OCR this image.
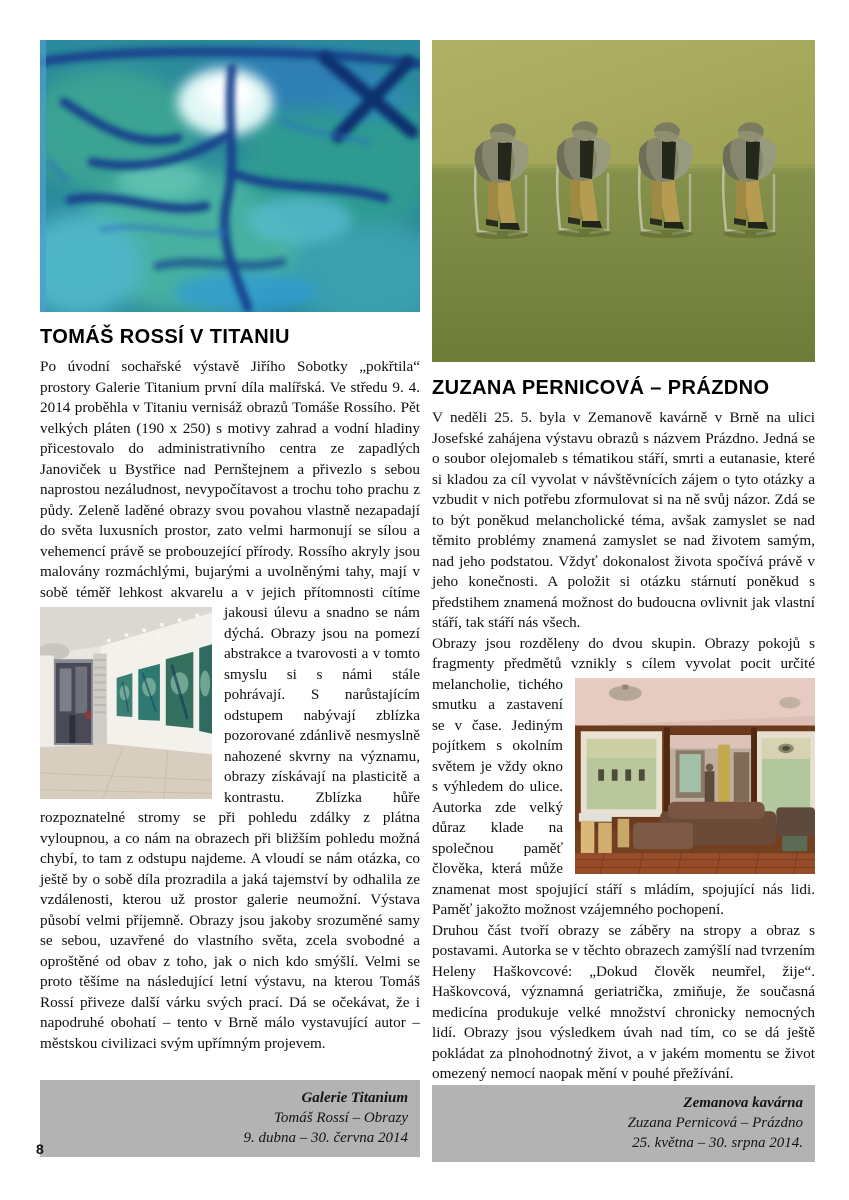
TOMÁŠ ROSSÍ V TITANIU
Po úvodní sochařské výstavě Jiřího Sobotky „pokřtila“ prostory Galerie Titanium první díla malířská. Ve středu 9. 4. 2014 proběhla v Titaniu vernisáž obrazů Tomáše Rossího. Pět velkých pláten (190 x 250) s motivy zahrad a vodní hladiny přicestovalo do administrativního centra ze zapadlých Janoviček u Bystřice nad Pernštejnem a přivezlo s sebou naprostou nezáludnost, nevypočítavost a trochu toho prachu z půdy. Zeleně laděné obrazy svou povahou vlastně nezapadají do světa luxusních prostor, zato velmi harmonují se sílou a vehemencí právě se probouzející přírody. Rossího akryly jsou malovány rozmáchlými, bujarými a uvolněnými tahy, mají v sobě téměř lehkost akvarelu a v jejich přítomnosti cítíme jakousi úlevu a snadno se nám dýchá. Obrazy jsou na pomezí abstrakce a tvarovosti a v tomto smyslu si s námi stále pohrávají. S narůstajícím odstupem nabývají zblízka pozorované zdánlivě nesmyslně nahozené skvrny na významu, obrazy získávají na plasticitě a kontrastu. Zblízka hůře rozpoznatelné stromy se při pohledu zdálky z plátna vyloupnou, a co nám na obrazech při bližším pohledu možná chybí, to tam z odstupu najdeme. A vloudí se nám otázka, co ještě by o sobě díla prozradila a jaká tajemství by odhalila ze vzdálenosti, kterou už prostor galerie neumožní. Výstava působí velmi příjemně. Obrazy jsou jakoby srozuměné samy se sebou, uzavřené do vlastního světa, zcela svobodné a oproštěné od obav z toho, jak o nich kdo smýšlí. Velmi se proto těšíme na následující letní výstavu, na kterou Tomáš Rossí přiveze další várku svých prací. Dá se očekávat, že i napodruhé obohatí – tento v Brně málo vystavující autor – městskou civilizaci svým upřímným projevem.
Galerie Titanium
Tomáš Rossí – Obrazy
9. dubna – 30. června 2014
ZUZANA PERNICOVÁ – PRÁZDNO

V neděli 25. 5. byla v Zemanově kavárně v Brně na ulici Josefské zahájena výstavu obrazů s názvem Prázdno. Jedná se o soubor olejomaleb s tématikou stáří, smrti a eutanasie, které si kladou za cíl vyvolat v návštěvnících zájem o tyto otázky a vzbudit v nich potřebu zformulovat si na ně svůj názor. Zdá se to být poněkud melancholické téma, avšak zamyslet se nad těmito problémy znamená zamyslet se nad životem samým, nad jeho podstatou. Vždyť dokonalost života spočívá právě v jeho konečnosti. A položit si otázku stárnutí poněkud s předstihem znamená možnost do budoucna ovlivnit jak vlastní stáří, tak stáří nás všech.

Obrazy jsou rozděleny do dvou skupin. Obrazy pokojů s fragmenty předmětů vznikly s cílem vyvolat pocit určité melancholie, tichého smutku a zastavení se v čase. Jediným pojítkem s okolním světem je vždy okno s výhledem do ulice. Autorka zde velký důraz klade na společnou paměť člověka, která může znamenat most spojující stáří s mládím, spojující nás lidi. Paměť jakožto možnost vzájemného pochopení.

Druhou část tvoří obrazy se záběry na stropy a obraz s postavami. Autorka se v těchto obrazech zamýšlí nad tvrzením Heleny Haškovcové: „Dokud člověk neumřel, žije“. Haškovcová, významná geriatrička, zmiňuje, že současná medicína produkuje velké množství chronicky nemocných lidí. Obrazy jsou výsledkem úvah nad tím, co se dá ještě pokládat za plnohodnotný život, a v jakém momentu se život omezený nemocí naopak mění v pouhé přežívání.

Zemanova kavárna
Zuzana Pernicová – Prázdno
25. května – 30. srpna 2014.
8
